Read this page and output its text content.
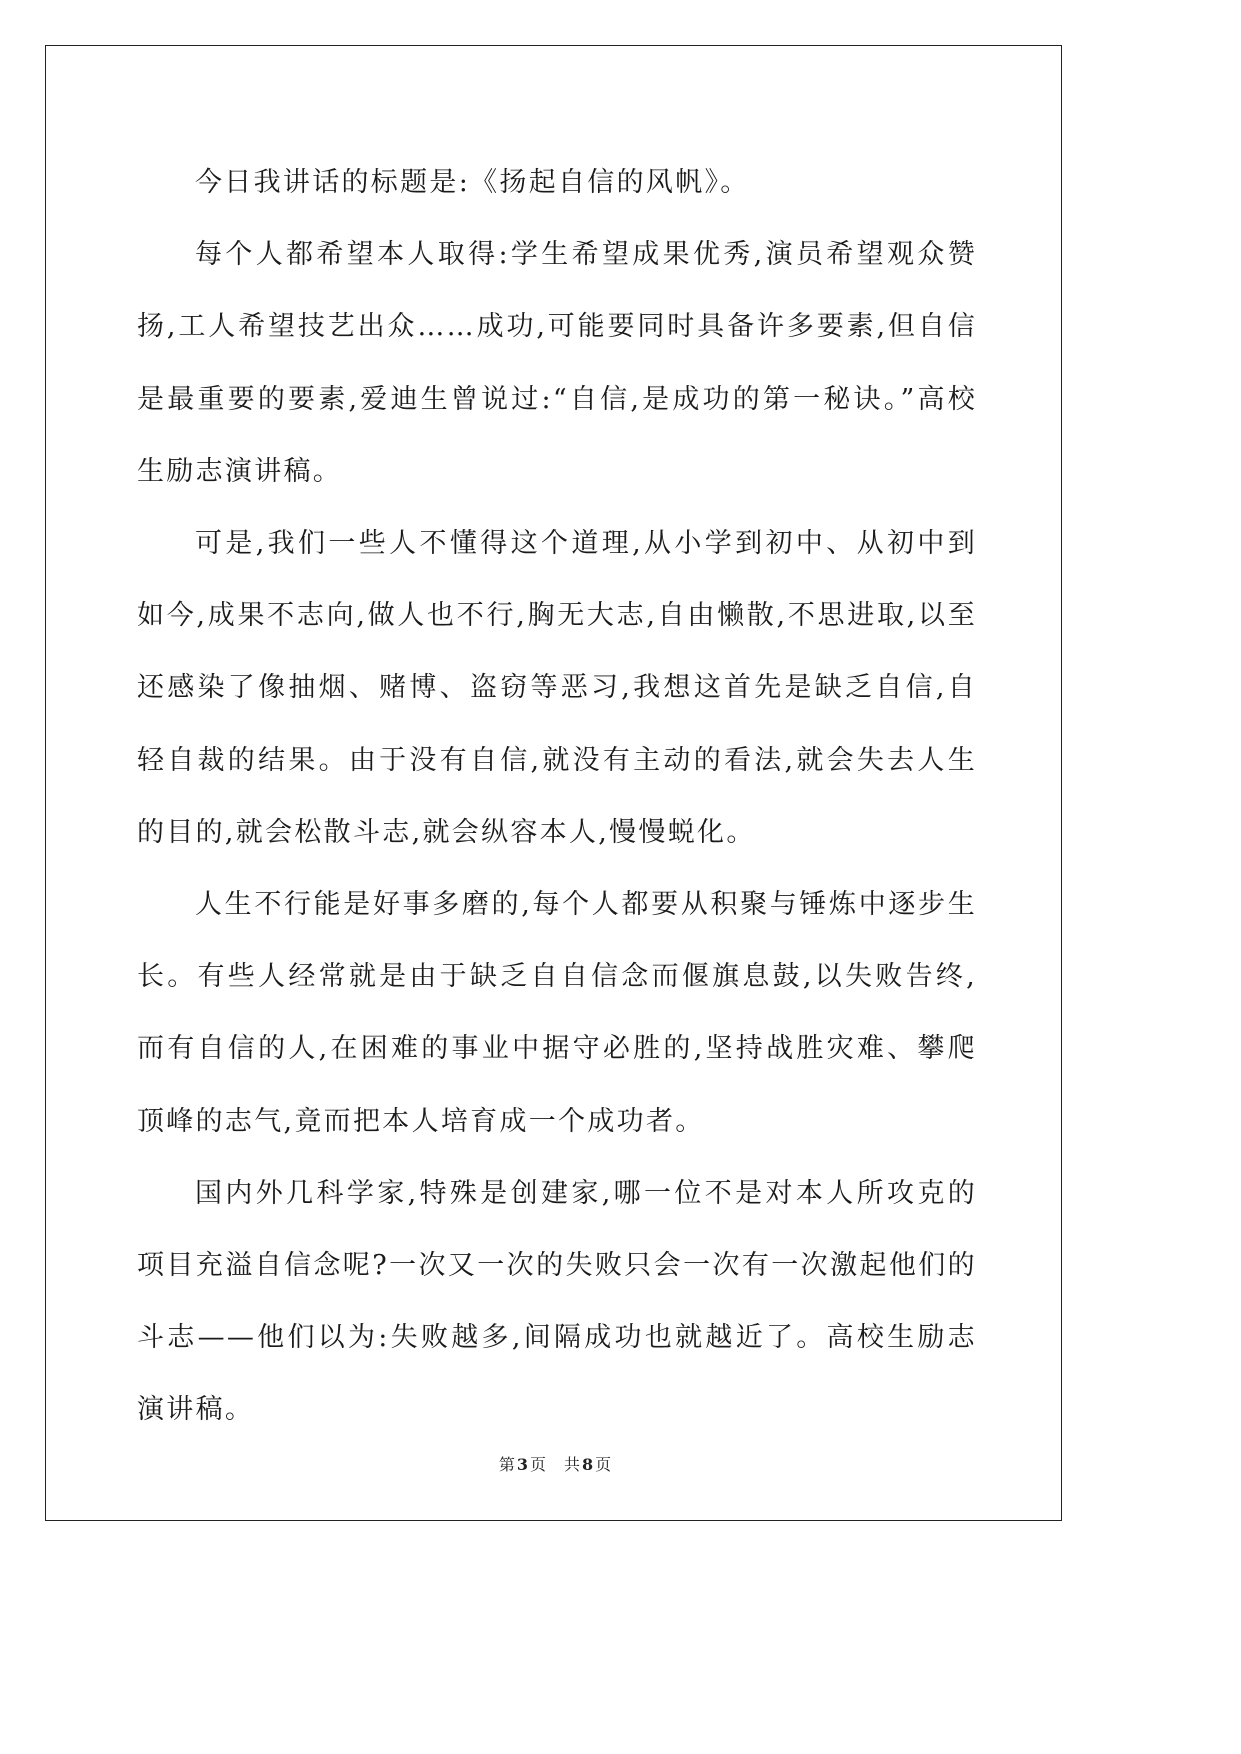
今日我讲话的标题是:《扬起自信的风帆》。

每个人都希望本人取得:学生希望成果优秀,演员希望观众赞扬,工人希望技艺出众……成功,可能要同时具备许多要素,但自信是最重要的要素,爱迪生曾说过:“自信,是成功的第一秘诀。”高校生励志演讲稿。

可是,我们一些人不懂得这个道理,从小学到初中、从初中到如今,成果不志向,做人也不行,胸无大志,自由懒散,不思进取,以至还感染了像抽烟、赌博、盗窃等恶习,我想这首先是缺乏自信,自轻自裁的结果。由于没有自信,就没有主动的看法,就会失去人生的目的,就会松散斗志,就会纵容本人,慢慢蜕化。

人生不行能是好事多磨的,每个人都要从积聚与锤炼中逐步生长。有些人经常就是由于缺乏自自信念而偃旗息鼓,以失败告终,而有自信的人,在困难的事业中据守必胜的,坚持战胜灾难、攀爬顶峰的志气,竟而把本人培育成一个成功者。

国内外几科学家,特殊是创建家,哪一位不是对本人所攻克的项目充溢自信念呢?一次又一次的失败只会一次有一次激起他们的斗志——他们以为:失败越多,间隔成功也就越近了。高校生励志演讲稿。

第 3 页 共 8 页
